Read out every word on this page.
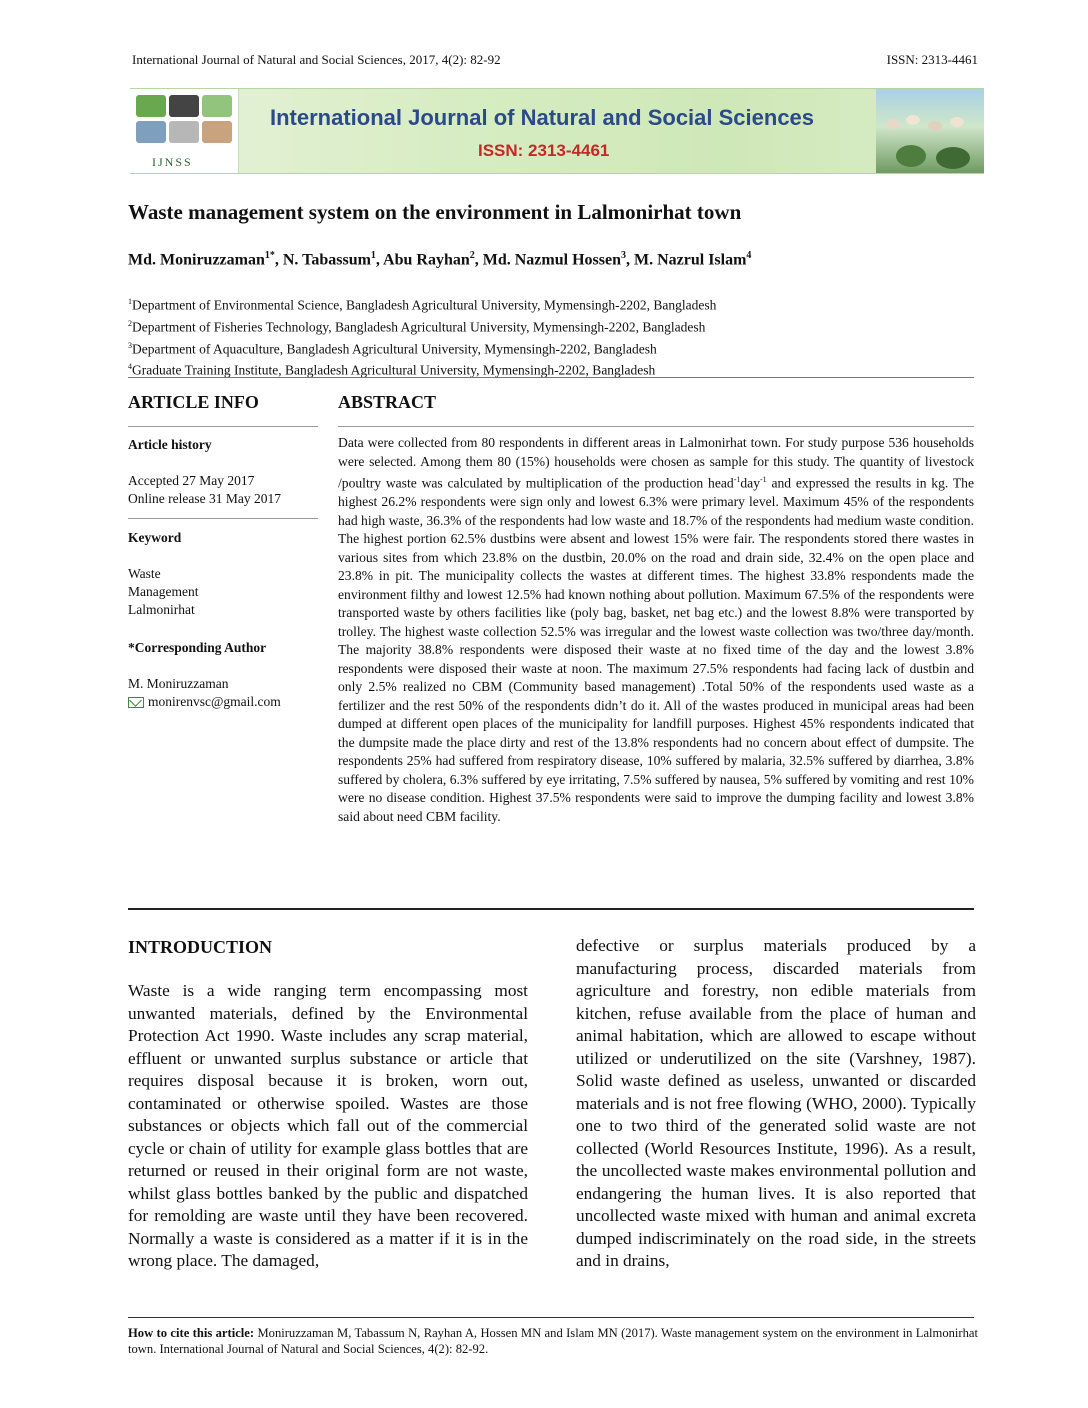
International Journal of Natural and Social Sciences, 2017, 4(2): 82-92	ISSN: 2313-4461
IJNSS
International Journal of Natural and Social Sciences
ISSN: 2313-4461
Waste management system on the environment in Lalmonirhat town
Md. Moniruzzaman$^{1*}$, N. Tabassum$^1$, Abu Rayhan$^2$, Md. Nazmul Hossen$^3$, M. Nazrul Islam$^4$
$^1$Department of Environmental Science, Bangladesh Agricultural University, Mymensingh-2202, Bangladesh
$^2$Department of Fisheries Technology, Bangladesh Agricultural University, Mymensingh-2202, Bangladesh
$^3$Department of Aquaculture, Bangladesh Agricultural University, Mymensingh-2202, Bangladesh
$^4$Graduate Training Institute, Bangladesh Agricultural University, Mymensingh-2202, Bangladesh
ARTICLE INFO	ABSTRACT
Article history
Accepted 27 May 2017
Online release 31 May 2017
Keyword
Waste
Management
Lalmonirhat
*Corresponding Author
M. Moniruzzaman
monirenvsc@gmail.com
Data were collected from 80 respondents in different areas in Lalmonirhat town. For study purpose 536 households were selected. Among them 80 (15%) households were chosen as sample for this study. The quantity of livestock /poultry waste was calculated by multiplication of the production head$^{-1}$day$^{-1}$ and expressed the results in kg. The highest 26.2% respondents were sign only and lowest 6.3% were primary level. Maximum 45% of the respondents had high waste, 36.3% of the respondents had low waste and 18.7% of the respondents had medium waste condition. The highest portion 62.5% dustbins were absent and lowest 15% were fair. The respondents stored there wastes in various sites from which 23.8% on the dustbin, 20.0% on the road and drain side, 32.4% on the open place and 23.8% in pit. The municipality collects the wastes at different times. The highest 33.8% respondents made the environment filthy and lowest 12.5% had known nothing about pollution. Maximum 67.5% of the respondents were transported waste by others facilities like (poly bag, basket, net bag etc.) and the lowest 8.8% were transported by trolley. The highest waste collection 52.5% was irregular and the lowest waste collection was two/three day/month. The majority 38.8% respondents were disposed their waste at no fixed time of the day and the lowest 3.8% respondents were disposed their waste at noon. The maximum 27.5% respondents had facing lack of dustbin and only 2.5% realized no CBM (Community based management) .Total 50% of the respondents used waste as a fertilizer and the rest 50% of the respondents didn’t do it. All of the wastes produced in municipal areas had been dumped at different open places of the municipality for landfill purposes. Highest 45% respondents indicated that the dumpsite made the place dirty and rest of the 13.8% respondents had no concern about effect of dumpsite. The respondents 25% had suffered from respiratory disease, 10% suffered by malaria, 32.5% suffered by diarrhea, 3.8% suffered by cholera, 6.3% suffered by eye irritating, 7.5% suffered by nausea, 5% suffered by vomiting and rest 10% were no disease condition. Highest 37.5% respondents were said to improve the dumping facility and lowest 3.8% said about need CBM facility.
INTRODUCTION
Waste is a wide ranging term encompassing most unwanted materials, defined by the Environmental Protection Act 1990. Waste includes any scrap material, effluent or unwanted surplus substance or article that requires disposal because it is broken, worn out, contaminated or otherwise spoiled. Wastes are those substances or objects which fall out of the commercial cycle or chain of utility for example glass bottles that are returned or reused in their original form are not waste, whilst glass bottles banked by the public and dispatched for remolding are waste until they have been recovered. Normally a waste is considered as a matter if it is in the wrong place. The damaged,
defective or surplus materials produced by a manufacturing process, discarded materials from agriculture and forestry, non edible materials from kitchen, refuse available from the place of human and animal habitation, which are allowed to escape without utilized or underutilized on the site (Varshney, 1987). Solid waste defined as useless, unwanted or discarded materials and is not free flowing (WHO, 2000). Typically one to two third of the generated solid waste are not collected (World Resources Institute, 1996). As a result, the uncollected waste makes environmental pollution and endangering the human lives. It is also reported that uncollected waste mixed with human and animal excreta dumped indiscriminately on the road side, in the streets and in drains,
How to cite this article: Moniruzzaman M, Tabassum N, Rayhan A, Hossen MN and Islam MN (2017). Waste management system on the environment in Lalmonirhat town. International Journal of Natural and Social Sciences, 4(2): 82-92.
